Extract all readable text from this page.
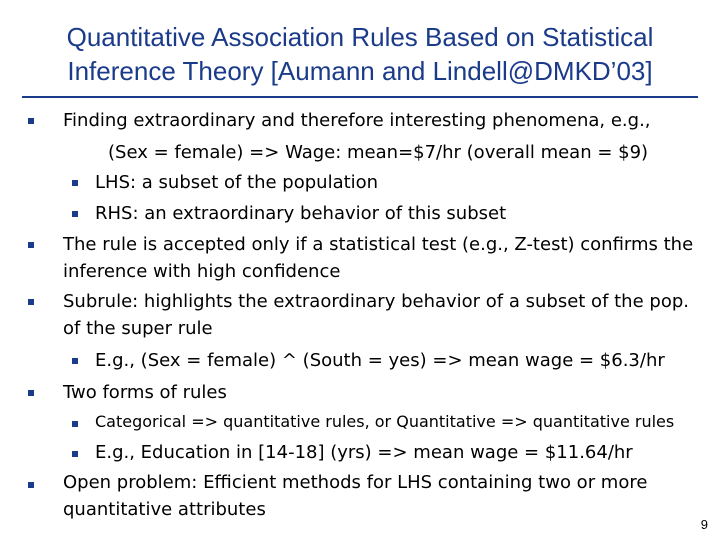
Quantitative Association Rules Based on Statistical
Inference Theory [Aumann and Lindell@DMKD’03]
Finding extraordinary and therefore interesting phenomena, e.g.,
(Sex = female) => Wage: mean=$7/hr (overall mean = $9)
LHS: a subset of the population
RHS: an extraordinary behavior of this subset
The rule is accepted only if a statistical test (e.g., Z-test) confirms the
inference with high confidence
Subrule: highlights the extraordinary behavior of a subset of the pop.
of the super rule
E.g., (Sex = female) ^ (South = yes) => mean wage = $6.3/hr
Two forms of rules
Categorical => quantitative rules, or Quantitative => quantitative rules
E.g., Education in [14-18] (yrs) => mean wage = $11.64/hr
Open problem: Efficient methods for LHS containing two or more
quantitative attributes
9
